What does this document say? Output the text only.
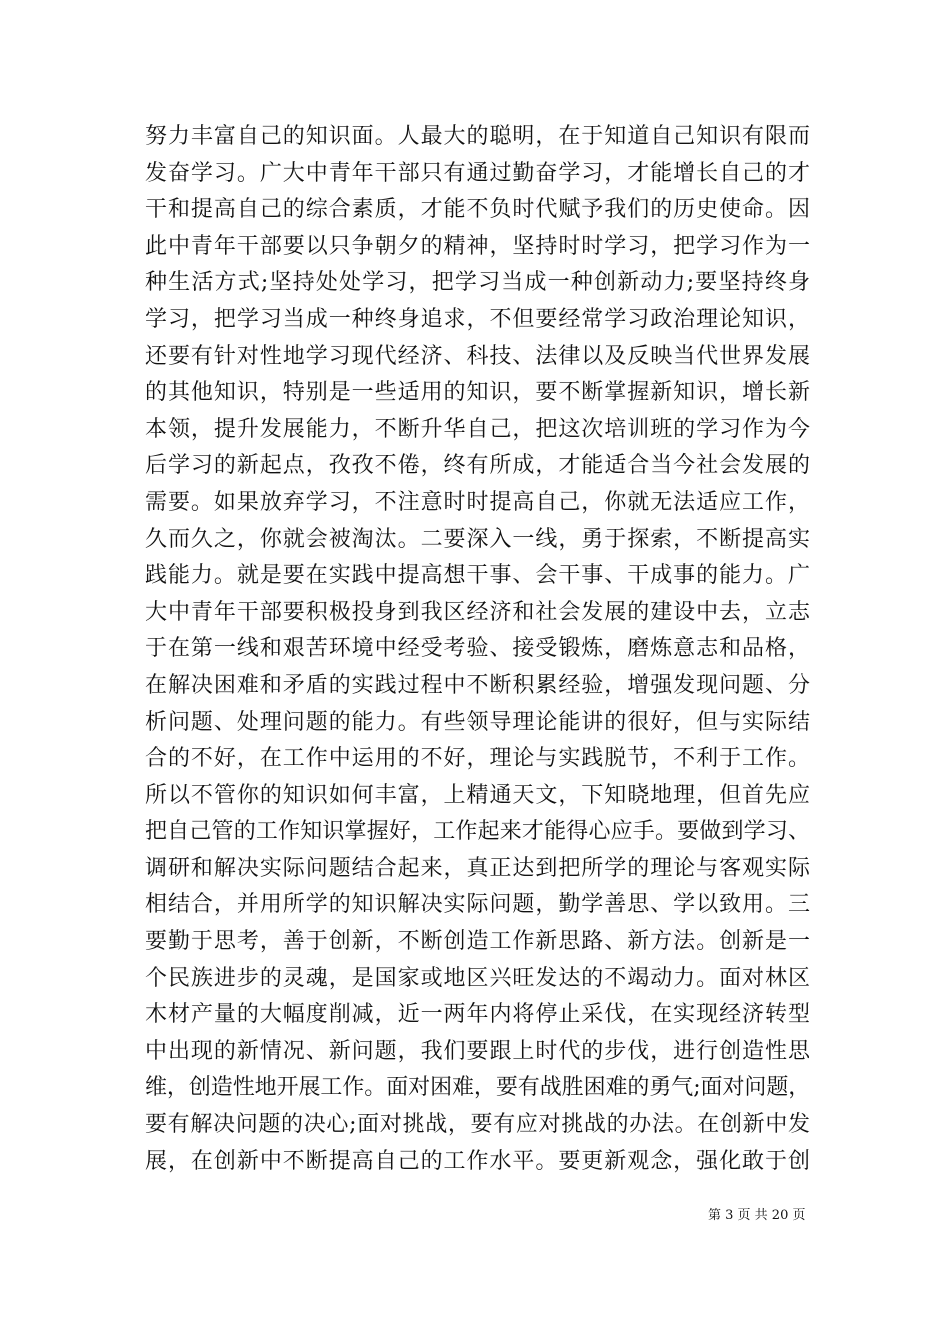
努力丰富自己的知识面。人最大的聪明，在于知道自己知识有限而
发奋学习。广大中青年干部只有通过勤奋学习，才能增长自己的才
干和提高自己的综合素质，才能不负时代赋予我们的历史使命。因
此中青年干部要以只争朝夕的精神，坚持时时学习，把学习作为一
种生活方式;坚持处处学习，把学习当成一种创新动力;要坚持终身
学习，把学习当成一种终身追求，不但要经常学习政治理论知识，
还要有针对性地学习现代经济、科技、法律以及反映当代世界发展
的其他知识，特别是一些适用的知识，要不断掌握新知识，增长新
本领，提升发展能力，不断升华自己，把这次培训班的学习作为今
后学习的新起点，孜孜不倦，终有所成，才能适合当今社会发展的
需要。如果放弃学习，不注意时时提高自己，你就无法适应工作，
久而久之，你就会被淘汰。二要深入一线，勇于探索，不断提高实
践能力。就是要在实践中提高想干事、会干事、干成事的能力。广
大中青年干部要积极投身到我区经济和社会发展的建设中去，立志
于在第一线和艰苦环境中经受考验、接受锻炼，磨炼意志和品格，
在解决困难和矛盾的实践过程中不断积累经验，增强发现问题、分
析问题、处理问题的能力。有些领导理论能讲的很好，但与实际结
合的不好，在工作中运用的不好，理论与实践脱节，不利于工作。
所以不管你的知识如何丰富，上精通天文，下知晓地理，但首先应
把自己管的工作知识掌握好，工作起来才能得心应手。要做到学习、
调研和解决实际问题结合起来，真正达到把所学的理论与客观实际
相结合，并用所学的知识解决实际问题，勤学善思、学以致用。三
要勤于思考，善于创新，不断创造工作新思路、新方法。创新是一
个民族进步的灵魂，是国家或地区兴旺发达的不竭动力。面对林区
木材产量的大幅度削减，近一两年内将停止采伐，在实现经济转型
中出现的新情况、新问题，我们要跟上时代的步伐，进行创造性思
维，创造性地开展工作。面对困难，要有战胜困难的勇气;面对问题，
要有解决问题的决心;面对挑战，要有应对挑战的办法。在创新中发
展，在创新中不断提高自己的工作水平。要更新观念，强化敢于创
第 3 页 共 20 页
